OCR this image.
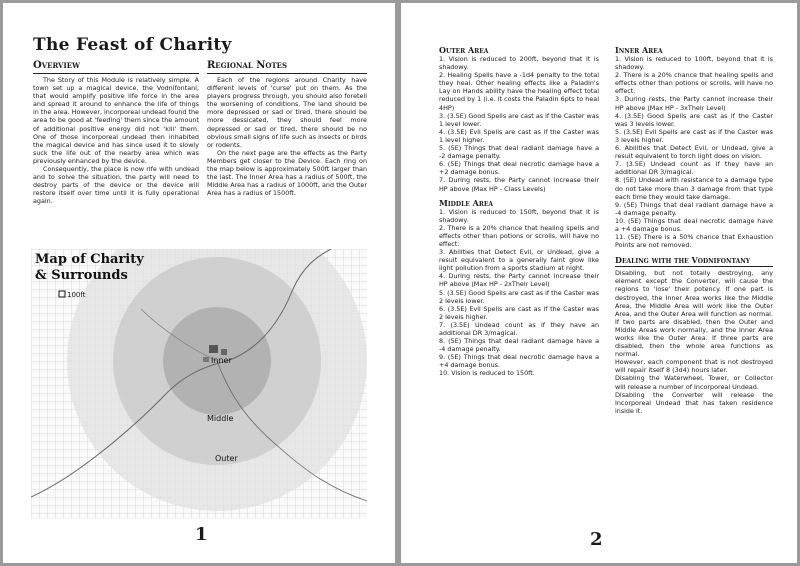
The Feast of Charity
Overview

The Story of this Module is relatively simple. A town set up a magical device, the Vodnifontani, that would amplify positive life force in the area and spread it around to enhance the life of things in the area. However, incorporeal undead found the area to be good at 'feeding' them since the amount of additional positive energy did not 'kill' them. One of those incorporeal undead then inhabited the magical device and has since used it to slowly suck the life out of the nearby area which was previously enhanced by the device.

Consequently, the place is now rife with undead and to solve the situation, the party will need to destroy parts of the device or the device will restore itself over time until it is fully operational again.

Regional Notes

Each of the regions around Charity have different levels of 'curse' put on them. As the players progress through, you should also foretell the worsening of conditions. The land should be more depressed or sad or tired, there should be more dessicated, they should feel more depressed or sad or tired, there should be no obvious small signs of life such as insects or birds or rodents.

On the next page are the effects as the Party Members get closer to the Device. Each ring on the map below is approximately 500ft larger than the last. The Inner Area has a radius of 500ft, the Middle Area has a radius of 1000ft, and the Outer Area has a radius of 1500ft.

Map of Charity
& Surrounds
100ft
Inner
Middle
Outer
1
Outer Area

1. Vision is reduced to 200ft, beyond that it is shadowy.

2. Healing Spells have a -1d4 penalty to the total they heal. Other healing effects like a Paladin's Lay on Hands ability have the healing effect total reduced by 1 (i.e. it costs the Paladin 6pts to heal 4HP)

3. (3.5E) Good Spells are cast as if the Caster was 1 level lower.

4. (3.5E) Evil Spells are cast as if the Caster was 1 level higher.

5. (5E) Things that deal radiant damage have a -2 damage penalty.

6. (5E) Things that deal necrotic damage have a +2 damage bonus.

7. During rests, the Party cannot increase their HP above (Max HP - Class Levels)

Middle Area

1. Vision is reduced to 150ft, beyond that it is shadowy.

2. There is a 20% chance that healing spells and effects other than potions or scrolls, will have no effect.

3. Abilities that Detect Evil, or Undead, give a result equivalent to a generally faint glow like light pollution from a sports stadium at night.

4. During rests, the Party cannot increase their HP above (Max HP - 2xTheir Level)

5. (3.5E) Good Spells are cast as if the Caster was 2 levels lower.

6. (3.5E) Evil Spells are cast as if the Caster was 2 levels higher.

7. (3.5E) Undead count as if they have an additional DR 3/magical.

8. (5E) Things that deal radiant damage have a -4 damage penalty.

9. (5E) Things that deal necrotic damage have a +4 damage bonus.

10. Vision is reduced to 150ft.

Inner Area

1. Vision is reduced to 100ft, beyond that it is shadowy.

2. There is a 20% chance that healing spells and effects other than potions or scrolls, will have no effect.

3. During rests, the Party cannot increase their HP above (Max HP - 3xTheir Level)

4. (3.5E) Good Spells are cast as if the Caster was 3 levels lower.

5. (3.5E) Evil Spells are cast as if the Caster was 3 levels higher.

6. Abilities that Detect Evil, or Undead, give a result equivalent to torch light does on vision.

7. (3.5E) Undead count as if they have an additional DR 3/magical.

8. (5E) Undead with resistance to a damage type do not take more than 3 damage from that type each time they would take damage.

9. (5E) Things that deal radiant damage have a -4 damage penalty.

10. (5E) Things that deal necrotic damage have a +4 damage bonus.

11. (5E) There is a 50% chance that Exhaustion Points are not removed.

Dealing with the Vodnifontany

Disabling, but not totally destroying, any element except the Converter, will cause the regions to 'lose' their potency. If one part is destroyed, the Inner Area works like the Middle Area, the Middle Area will work like the Outer Area, and the Outer Area will function as normal. If two parts are disabled, then the Outer and Middle Areas work normally, and the Inner Area works like the Outer Area. If three parts are disabled, then the whole area functions as normal.

However, each component that is not destroyed will repair itself 8 (3d4) hours later.

Disabling the Waterwheel, Tower, or Collector will release a number of Incorporeal Undead.

Disabling the Converter will release the Incorporeal Undead that has taken residence inside it.

2
